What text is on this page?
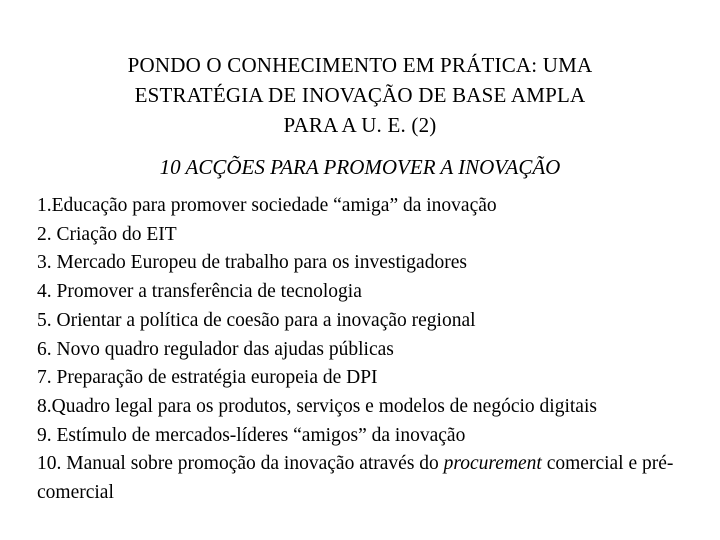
PONDO O CONHECIMENTO EM PRÁTICA: UMA
ESTRATÉGIA DE INOVAÇÃO DE BASE AMPLA
PARA A U. E. (2)
10 ACÇÕES PARA PROMOVER A INOVAÇÃO
1.Educação para promover sociedade “amiga” da inovação
2. Criação do EIT
3. Mercado Europeu de trabalho para os investigadores
4. Promover a transferência de tecnologia
5. Orientar a política de coesão para a inovação regional
6. Novo quadro regulador das ajudas públicas
7. Preparação de estratégia europeia de DPI
8.Quadro legal para os produtos, serviços e modelos de negócio digitais
9. Estímulo de mercados-líderes “amigos” da inovação
10. Manual sobre promoção da inovação através do procurement comercial e pré-comercial
